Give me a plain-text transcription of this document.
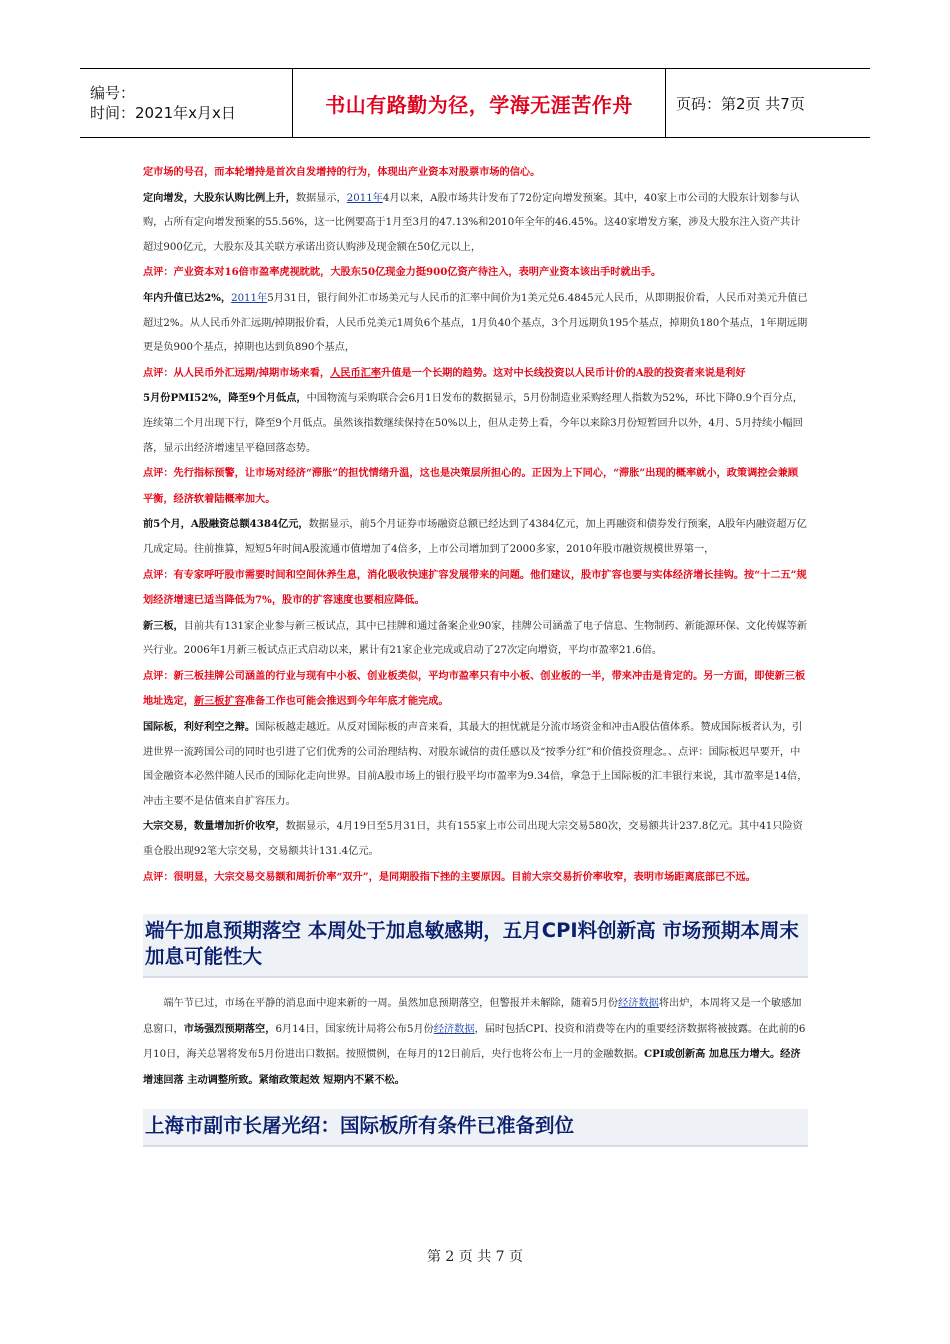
编号：
时间：2021年x月x日	书山有路勤为径，学海无涯苦作舟	页码：第2页 共7页

定市场的号召，而本轮增持是首次自发增持的行为，体现出产业资本对股票市场的信心。

定向增发，大股东认购比例上升，数据显示，2011年4月以来，A股市场共计发布了72份定向增发预案。其中，40家上市公司的大股东计划参与认购，占所有定向增发预案的55.56%，这一比例要高于1月至3月的47.13%和2010年全年的46.45%。这40家增发方案，涉及大股东注入资产共计超过900亿元，大股东及其关联方承诺出资认购涉及现金额在50亿元以上，

点评：产业资本对16倍市盈率虎视眈眈，大股东50亿现金力挺900亿资产待注入，表明产业资本该出手时就出手。

年内升值已达2%，2011年5月31日，银行间外汇市场美元与人民币的汇率中间价为1美元兑6.4845元人民币，从即期报价看，人民币对美元升值已超过2%。从人民币外汇远期/掉期报价看，人民币兑美元1周负6个基点，1月负40个基点，3个月远期负195个基点，掉期负180个基点，1年期远期更是负900个基点，掉期也达到负890个基点，

点评：从人民币外汇远期/掉期市场来看，人民币汇率升值是一个长期的趋势。这对中长线投资以人民币计价的A股的投资者来说是利好

5月份PMI52%，降至9个月低点，中国物流与采购联合会6月1日发布的数据显示，5月份制造业采购经理人指数为52%，环比下降0.9个百分点，连续第二个月出现下行，降至9个月低点。虽然该指数继续保持在50%以上，但从走势上看，今年以来除3月份短暂回升以外，4月、5月持续小幅回落，显示出经济增速呈平稳回落态势。

点评：先行指标预警，让市场对经济“滞胀”的担忧情绪升温，这也是决策层所担心的。正因为上下同心，“滞胀”出现的概率就小，政策调控会兼顾平衡，经济软着陆概率加大。

前5个月，A股融资总额4384亿元，数据显示，前5个月证券市场融资总额已经达到了4384亿元，加上再融资和债券发行预案，A股年内融资超万亿几成定局。往前推算，短短5年时间A股流通市值增加了4倍多，上市公司增加到了2000多家，2010年股市融资规模世界第一，

点评：有专家呼吁股市需要时间和空间休养生息，消化吸收快速扩容发展带来的问题。他们建议，股市扩容也要与实体经济增长挂钩。按“十二五”规划经济增速已适当降低为7%，股市的扩容速度也要相应降低。

新三板，目前共有131家企业参与新三板试点，其中已挂牌和通过备案企业90家，挂牌公司涵盖了电子信息、生物制药、新能源环保、文化传媒等新兴行业。2006年1月新三板试点正式启动以来，累计有21家企业完成或启动了27次定向增资，平均市盈率21.6倍。

点评：新三板挂牌公司涵盖的行业与现有中小板、创业板类似，平均市盈率只有中小板、创业板的一半，带来冲击是肯定的。另一方面，即使新三板地址选定，新三板扩容准备工作也可能会推迟到今年年底才能完成。

国际板，利好利空之辩。国际板越走越近。从反对国际板的声音来看，其最大的担忧就是分流市场资金和冲击A股估值体系。赞成国际板者认为，引进世界一流跨国公司的同时也引进了它们优秀的公司治理结构、对股东诚信的责任感以及“按季分红”和价值投资理念。、点评：国际板迟早要开，中国金融资本必然伴随人民币的国际化走向世界。目前A股市场上的银行股平均市盈率为9.34倍，拿急于上国际板的汇丰银行来说，其市盈率是14倍，冲击主要不是估值来自扩容压力。

大宗交易，数量增加折价收窄，数据显示，4月19日至5月31日，共有155家上市公司出现大宗交易580次，交易额共计237.8亿元。其中41只险资重仓股出现92笔大宗交易，交易额共计131.4亿元。

点评：很明显，大宗交易交易额和周折价率“双升”，是同期股指下挫的主要原因。目前大宗交易折价率收窄，表明市场距离底部已不远。

端午加息预期落空 本周处于加息敏感期，五月CPI料创新高 市场预期本周末加息可能性大

端午节已过，市场在平静的消息面中迎来新的一周。虽然加息预期落空，但警报并未解除，随着5月份经济数据将出炉，本周将又是一个敏感加息窗口，市场强烈预期落空，6月14日，国家统计局将公布5月份经济数据，届时包括CPI、投资和消费等在内的重要经济数据将被披露。在此前的6月10日，海关总署将发布5月份进出口数据。按照惯例，在每月的12日前后，央行也将公布上一月的金融数据。CPI或创新高 加息压力增大。经济增速回落 主动调整所致。紧缩政策起效 短期内不紧不松。

上海市副市长屠光绍：国际板所有条件已准备到位
第 2 页 共 7 页
